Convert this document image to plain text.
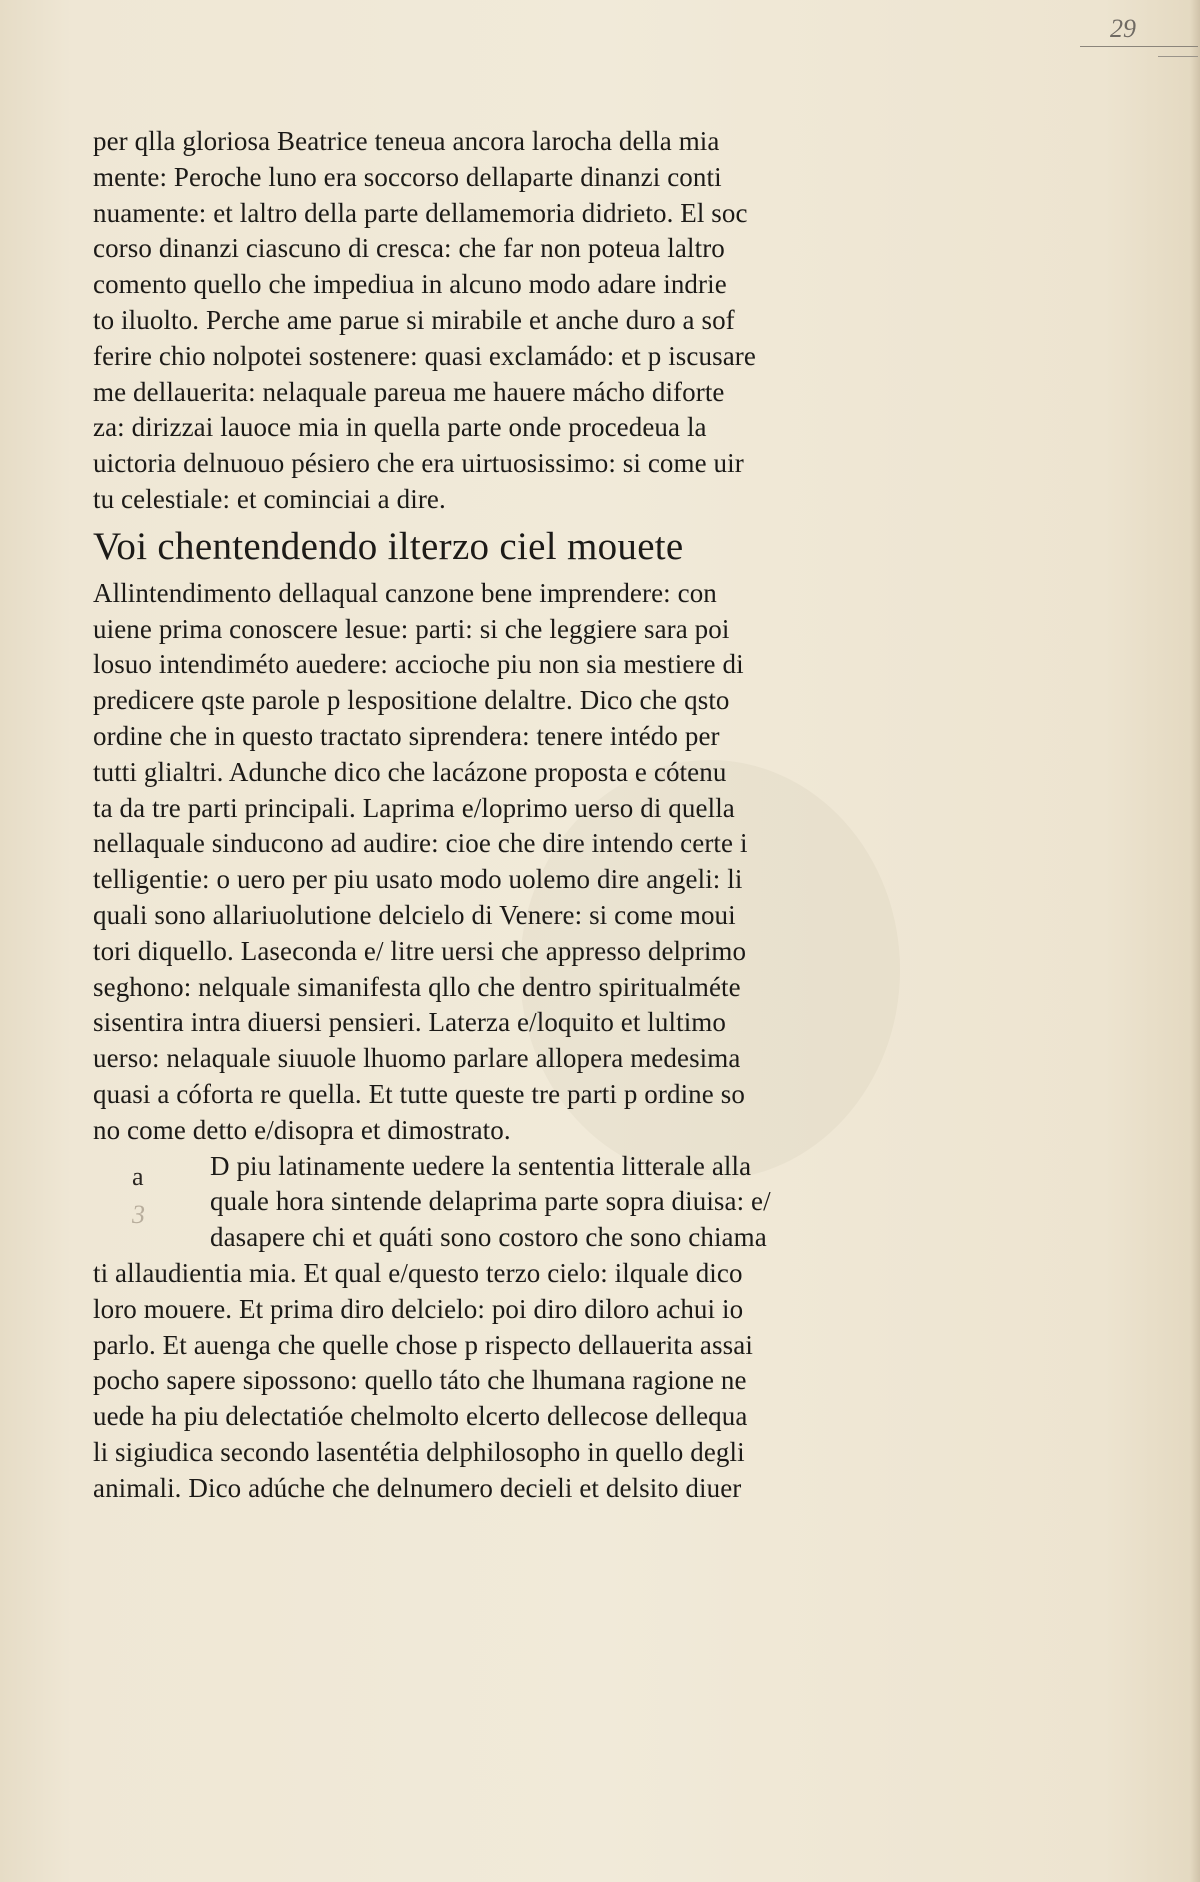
29
a
3
per qlla gloriosa Beatrice teneua ancora larocha della mia
mente: Peroche luno era soccorso dellaparte dinanzi conti
nuamente: et laltro della parte dellamemoria didrieto. El soc
corso dinanzi ciascuno di cresca: che far non poteua laltro
comento quello che impediua in alcuno modo adare indrie
to iluolto. Perche ame parue si mirabile et anche duro a sof
ferire chio nolpotei sostenere: quasi exclamádo: et p iscusare
me dellauerita: nelaquale pareua me hauere mácho diforte
za: dirizzai lauoce mia in quella parte onde procedeua la
uictoria delnuouo pésiero che era uirtuosissimo: si come uir
tu celestiale: et cominciai a dire.
Voi chentendendo ilterzo ciel mouete
Allintendimento dellaqual canzone bene imprendere: con
uiene prima conoscere lesue: parti: si che leggiere sara poi
losuo intendiméto auedere: accioche piu non sia mestiere di
predicere qste parole p lespositione delaltre. Dico che qsto
ordine che in questo tractato siprendera: tenere intédo per
tutti glialtri. Adunche dico che lacázone proposta e cótenu
ta da tre parti principali. Laprima e/loprimo uerso di quella
nellaquale sinducono ad audire: cioe che dire intendo certe i
telligentie: o uero per piu usato modo uolemo dire angeli: li
quali sono allariuolutione delcielo di Venere: si come moui
tori diquello. Laseconda e/ litre uersi che appresso delprimo
seghono: nelquale simanifesta qllo che dentro spiritualméte
sisentira intra diuersi pensieri. Laterza e/loquito et lultimo
uerso: nelaquale siuuole lhuomo parlare allopera medesima
quasi a cóforta re quella. Et tutte queste tre parti p ordine so
no come detto e/disopra et dimostrato.
D piu latinamente uedere la sententia litterale alla
quale hora sintende delaprima parte sopra diuisa: e/
dasapere chi et quáti sono costoro che sono chiama
ti allaudientia mia. Et qual e/questo terzo cielo: ilquale dico
loro mouere. Et prima diro delcielo: poi diro diloro achui io
parlo. Et auenga che quelle chose p rispecto dellauerita assai
pocho sapere sipossono: quello táto che lhumana ragione ne
uede ha piu delectatióe chelmolto elcerto dellecose dellequa
li sigiudica secondo lasentétia delphilosopho in quello degli
animali. Dico adúche che delnumero decieli et delsito diuer
